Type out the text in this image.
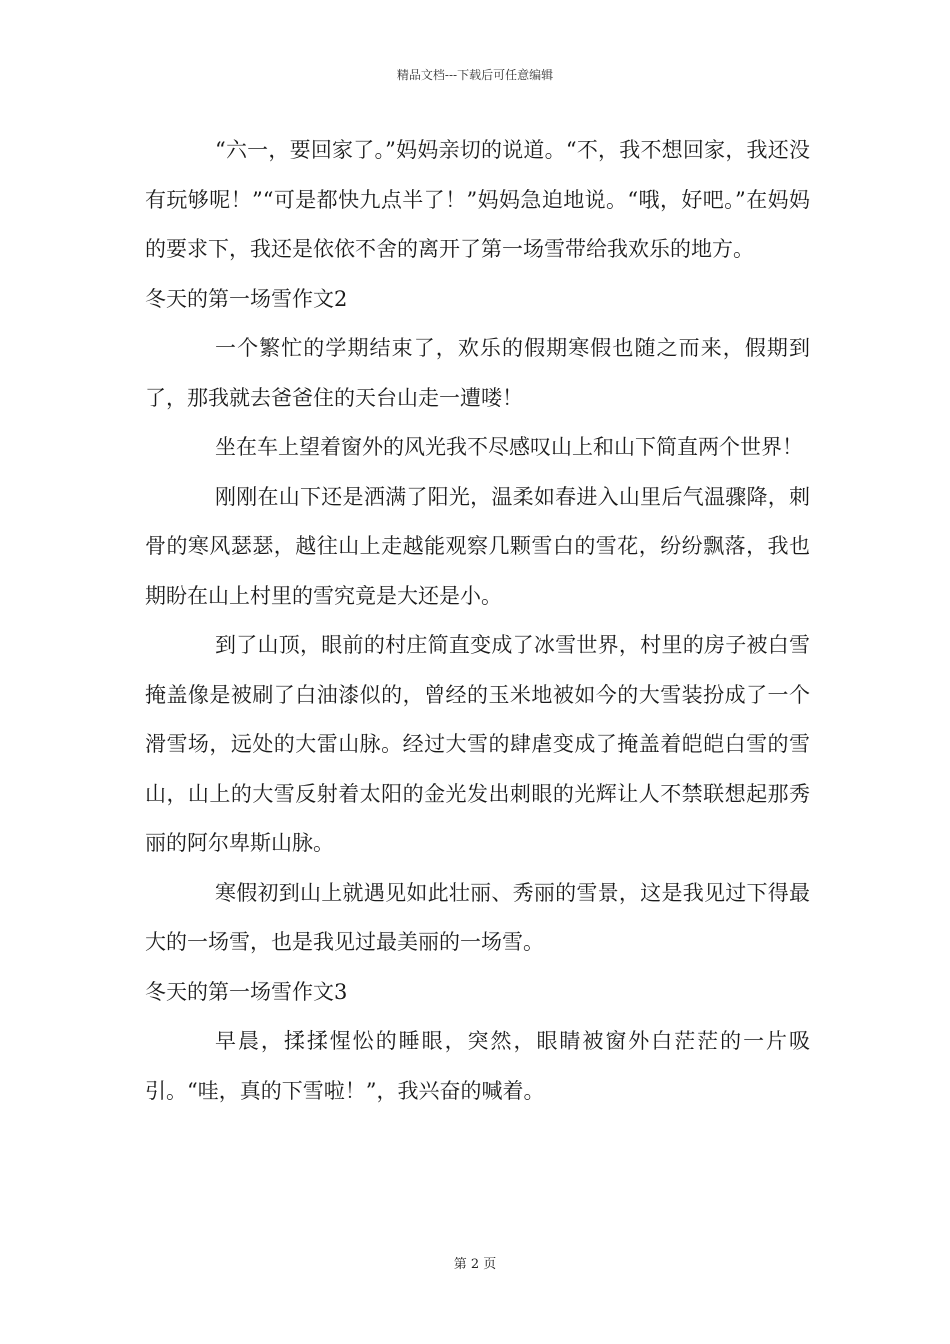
精品文档---下载后可任意编辑

“六一，要回家了。”妈妈亲切的说道。“不，我不想回家，我还没有玩够呢！”“可是都快九点半了！”妈妈急迫地说。“哦，好吧。”在妈妈的要求下，我还是依依不舍的离开了第一场雪带给我欢乐的地方。

冬天的第一场雪作文2

一个繁忙的学期结束了，欢乐的假期寒假也随之而来，假期到了，那我就去爸爸住的天台山走一遭喽！

坐在车上望着窗外的风光我不尽感叹山上和山下简直两个世界！

刚刚在山下还是洒满了阳光，温柔如春进入山里后气温骤降，刺骨的寒风瑟瑟，越往山上走越能观察几颗雪白的雪花，纷纷飘落，我也期盼在山上村里的雪究竟是大还是小。

到了山顶，眼前的村庄简直变成了冰雪世界，村里的房子被白雪掩盖像是被刷了白油漆似的，曾经的玉米地被如今的大雪装扮成了一个滑雪场，远处的大雷山脉。经过大雪的肆虐变成了掩盖着皑皑白雪的雪山，山上的大雪反射着太阳的金光发出刺眼的光辉让人不禁联想起那秀丽的阿尔卑斯山脉。

寒假初到山上就遇见如此壮丽、秀丽的雪景，这是我见过下得最大的一场雪，也是我见过最美丽的一场雪。

冬天的第一场雪作文3

早晨，揉揉惺忪的睡眼，突然，眼睛被窗外白茫茫的一片吸引。“哇，真的下雪啦！”，我兴奋的喊着。

第 2 页
